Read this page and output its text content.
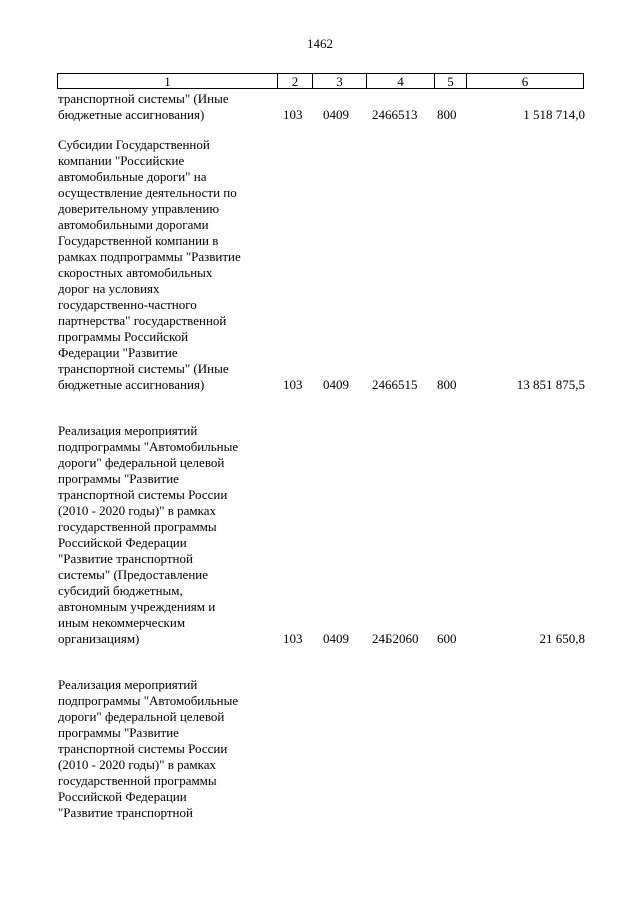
1462
1	2	3	4	5	6
транспортной системы" (Иные
бюджетные ассигнования)	103 0409 2466513 800	1 518 714,0
Субсидии Государственной
компании "Российские
автомобильные дороги" на
осуществление деятельности по
доверительному управлению
автомобильными дорогами
Государственной компании в
рамках подпрограммы "Развитие
скоростных автомобильных
дорог на условиях
государственно-частного
партнерства" государственной
программы Российской
Федерации "Развитие
транспортной системы" (Иные
бюджетные ассигнования)	103 0409 2466515 800	13 851 875,5
Реализация мероприятий
подпрограммы "Автомобильные
дороги" федеральной целевой
программы "Развитие
транспортной системы России
(2010 - 2020 годы)" в рамках
государственной программы
Российской Федерации
"Развитие транспортной
системы" (Предоставление
субсидий бюджетным,
автономным учреждениям и
иным некоммерческим
организациям)	103 0409 24Б2060 600	21 650,8
Реализация мероприятий
подпрограммы "Автомобильные
дороги" федеральной целевой
программы "Развитие
транспортной системы России
(2010 - 2020 годы)" в рамках
государственной программы
Российской Федерации
"Развитие транспортной
